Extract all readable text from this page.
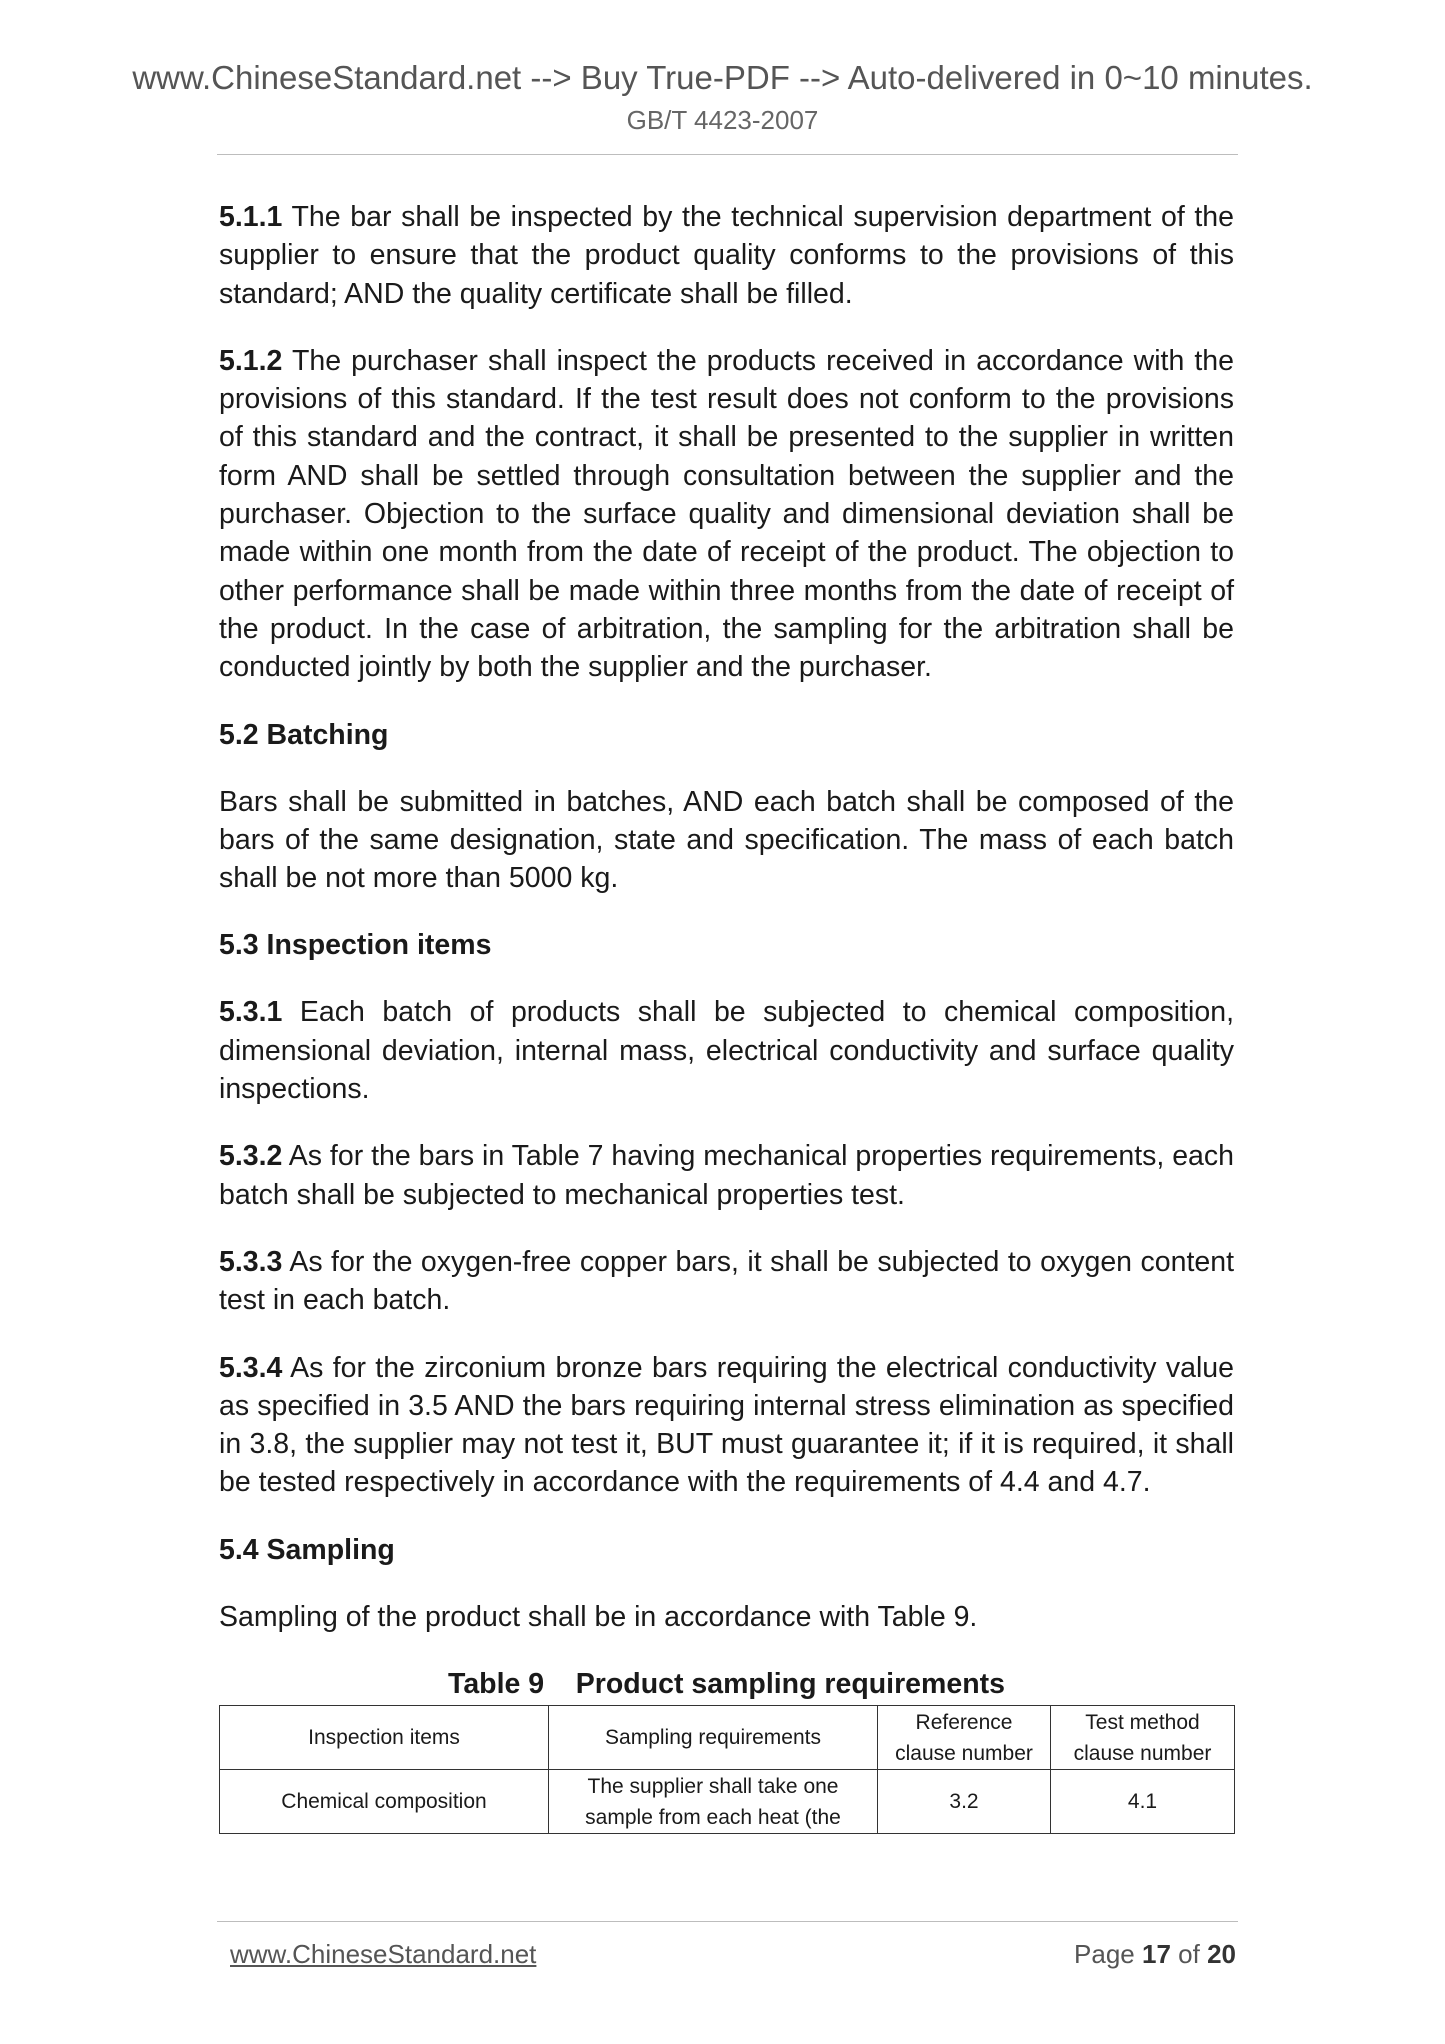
www.ChineseStandard.net --> Buy True-PDF --> Auto-delivered in 0~10 minutes.
GB/T 4423-2007

5.1.1 The bar shall be inspected by the technical supervision department of the supplier to ensure that the product quality conforms to the provisions of this standard; AND the quality certificate shall be filled.

5.1.2 The purchaser shall inspect the products received in accordance with the provisions of this standard. If the test result does not conform to the provisions of this standard and the contract, it shall be presented to the supplier in written form AND shall be settled through consultation between the supplier and the purchaser. Objection to the surface quality and dimensional deviation shall be made within one month from the date of receipt of the product. The objection to other performance shall be made within three months from the date of receipt of the product. In the case of arbitration, the sampling for the arbitration shall be conducted jointly by both the supplier and the purchaser.

5.2 Batching

Bars shall be submitted in batches, AND each batch shall be composed of the bars of the same designation, state and specification. The mass of each batch shall be not more than 5000 kg.

5.3 Inspection items

5.3.1 Each batch of products shall be subjected to chemical composition, dimensional deviation, internal mass, electrical conductivity and surface quality inspections.

5.3.2 As for the bars in Table 7 having mechanical properties requirements, each batch shall be subjected to mechanical properties test.

5.3.3 As for the oxygen-free copper bars, it shall be subjected to oxygen content test in each batch.

5.3.4 As for the zirconium bronze bars requiring the electrical conductivity value as specified in 3.5 AND the bars requiring internal stress elimination as specified in 3.8, the supplier may not test it, BUT must guarantee it; if it is required, it shall be tested respectively in accordance with the requirements of 4.4 and 4.7.

5.4 Sampling

Sampling of the product shall be in accordance with Table 9.

Table 9    Product sampling requirements
Inspection items	Sampling requirements	Reference clause number	Test method clause number
Chemical composition	The supplier shall take one sample from each heat (the	3.2	4.1
www.ChineseStandard.net	Page 17 of 20
